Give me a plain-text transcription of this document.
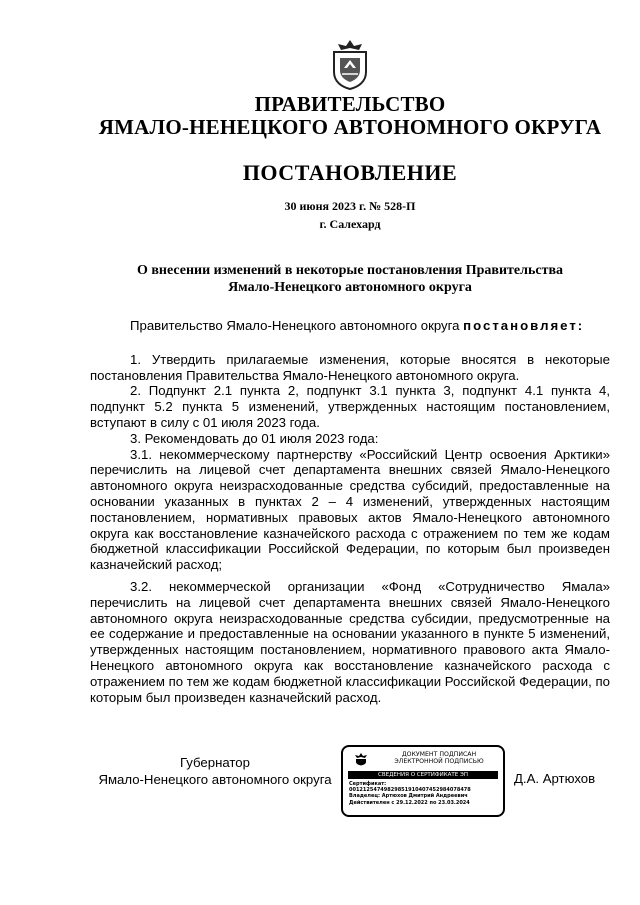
ПРАВИТЕЛЬСТВО
ЯМАЛО-НЕНЕЦКОГО АВТОНОМНОГО ОКРУГА
ПОСТАНОВЛЕНИЕ
30 июня 2023 г. № 528-П
г. Салехард
О внесении изменений в некоторые постановления Правительства
Ямало-Ненецкого автономного округа

Правительство Ямало-Ненецкого автономного округа постановляет:

1. Утвердить прилагаемые изменения, которые вносятся в некоторые постановления Правительства Ямало-Ненецкого автономного округа.

2. Подпункт 2.1 пункта 2, подпункт 3.1 пункта 3, подпункт 4.1 пункта 4, подпункт 5.2 пункта 5 изменений, утвержденных настоящим постановлением, вступают в силу с 01 июля 2023 года.

3. Рекомендовать до 01 июля 2023 года:

3.1. некоммерческому партнерству «Российский Центр освоения Арктики» перечислить на лицевой счет департамента внешних связей Ямало-Ненецкого автономного округа неизрасходованные средства субсидий, предоставленные на основании указанных в пунктах 2 – 4 изменений, утвержденных настоящим постановлением, нормативных правовых актов Ямало-Ненецкого автономного округа как восстановление казначейского расхода с отражением по тем же кодам бюджетной классификации Российской Федерации, по которым был произведен казначейский расход;

3.2. некоммерческой организации «Фонд «Сотрудничество Ямала» перечислить на лицевой счет департамента внешних связей Ямало-Ненецкого автономного округа неизрасходованные средства субсидии, предусмотренные на ее содержание и предоставленные на основании указанного в пункте 5 изменений, утвержденных настоящим постановлением, нормативного правового акта Ямало-Ненецкого автономного округа как восстановление казначейского расхода с отражением по тем же кодам бюджетной классификации Российской Федерации, по которым был произведен казначейский расход.

Губернатор
Ямало-Ненецкого автономного округа
ДОКУМЕНТ ПОДПИСАН
ЭЛЕКТРОННОЙ ПОДПИСЬЮ
СВЕДЕНИЯ О СЕРТИФИКАТЕ ЭП
Сертификат:
00121254749829851910407452984078478
Владелец: Артюхов Дмитрий Андреевич
Действителен с 29.12.2022 по 23.03.2024
Д.А. Артюхов
